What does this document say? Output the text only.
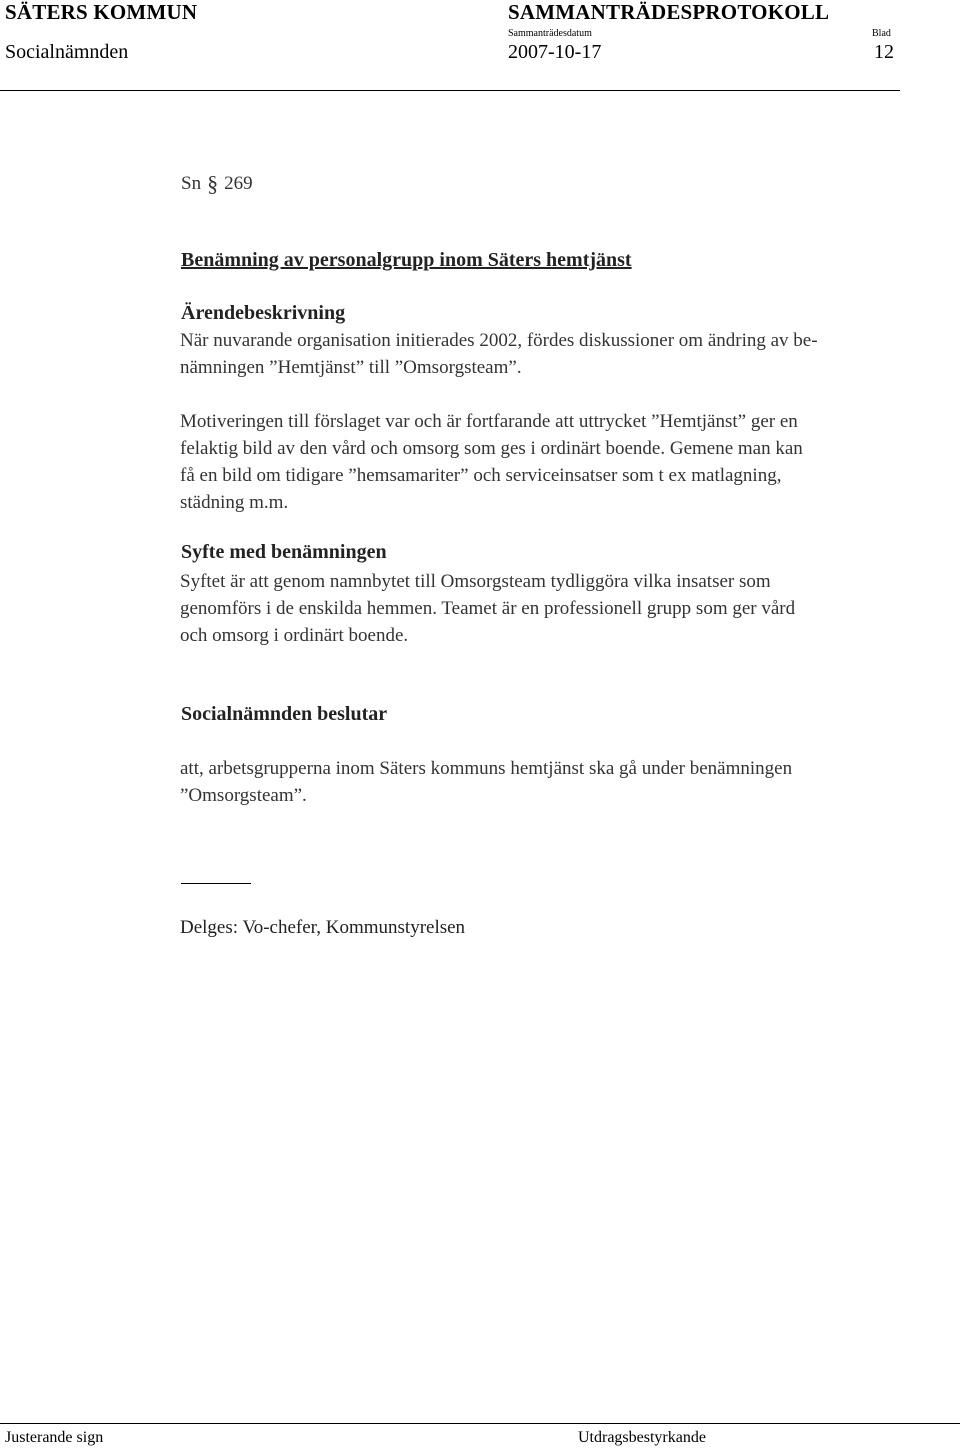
SÄTERS KOMMUN	SAMMANTRÄDESPROTOKOLL
Sammanträdesdatum	Blad
Socialnämnden	2007-10-17	12
Sn § 269
Benämning av personalgrupp inom Säters hemtjänst
Ärendebeskrivning
När nuvarande organisation initierades 2002, fördes diskussioner om ändring av be-
nämningen ”Hemtjänst” till ”Omsorgsteam”.
Motiveringen till förslaget var och är fortfarande att uttrycket ”Hemtjänst” ger en
felaktig bild av den vård och omsorg som ges i ordinärt boende. Gemene man kan
få en bild om tidigare ”hemsamariter” och serviceinsatser som t ex matlagning,
städning m.m.
Syfte med benämningen
Syftet är att genom namnbytet till Omsorgsteam tydliggöra vilka insatser som
genomförs i de enskilda hemmen. Teamet är en professionell grupp som ger vård
och omsorg i ordinärt boende.
Socialnämnden beslutar
att, arbetsgrupperna inom Säters kommuns hemtjänst ska gå under benämningen
”Omsorgsteam”.
Delges: Vo-chefer, Kommunstyrelsen
Justerande sign	Utdragsbestyrkande
